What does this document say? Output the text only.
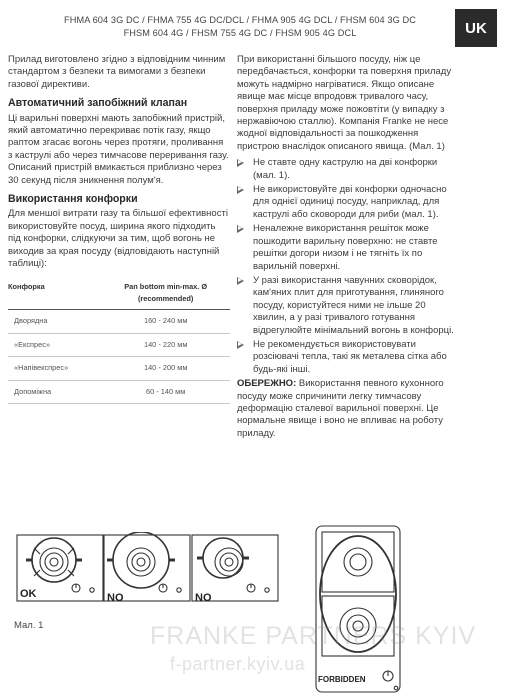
FHMA 604 3G DC / FHMA 755 4G DC/DCL / FHMA 905 4G DCL / FHSM 604 3G DC
FHSM 604 4G / FHSM 755 4G DC / FHSM 905 4G DCL	UK

Прилад виготовлено згідно з відповідним чинним стандартом з безпеки та вимогами з безпеки газової директиви.

Автоматичний запобіжний клапан

Ці варильні поверхні мають запобіжний пристрій, який автоматично перекриває потік газу, якщо раптом згасає вогонь через протяги, проливання з каструлі або через тимчасове переривання газу. Описаний пристрій вмикається приблизно через 30 секунд після зникнення полум'я.

Використання конфорки

Для меншої витрати газу та більшої ефективності використовуйте посуд, ширина якого підходить під конфорки, слідкуючи за тим, щоб вогонь не виходив за края посуду (відповідають наступній таблиці):

Конфорка	Pan bottom min-max. Ø
(recommended)

Дворядна	160 - 240 мм
«Експрес»	140 - 220 мм
«Напівекспрес»	140 - 200 мм
Допоміжна	60 - 140 мм

При використанні більшого посуду, ніж це передбачається, конфорки та поверхня приладу можуть надмірно нагріватися. Якщо описане явище має місце впродовж тривалого часу, поверхня приладу може пожовтіти (у випадку з нержавіючою сталлю). Компанія Franke не несе жодної відповідальності за пошкодження пристрою внаслідок описаного явища. (Мал. 1)

Не ставте одну каструлю на дві конфорки (мал. 1).
Не використовуйте дві конфорки одночасно для однієї одиниці посуду, наприклад, для каструлі або сковороди для риби (мал. 1).
Неналежне використання решіток може пошкодити варильну поверхню: не ставте решітки догори низом і не тягніть їх по варильній поверхні.
У разі використання чавунних сковорідок, кам'яних плит для приготування, глиняного посуду, користуйтеся ними не ільше 20 хвилин, а у разі тривалого готування відрегулюйте мінімальний вогонь в конфорці.
Не рекомендується використовувати розсіювачі тепла, такі як металева сітка або будь-які інші.

ОБЕРЕЖНО: Використання певного кухонного посуду може спричинити легку тимчасову деформацію сталевої варильної поверхні. Це нормальне явище і воно не впливає на роботу приладу.

OK	NO	NO
FORBIDDEN
Мал. 1	FRANKE PARTNERS KYIV
f-partner.kyiv.ua
